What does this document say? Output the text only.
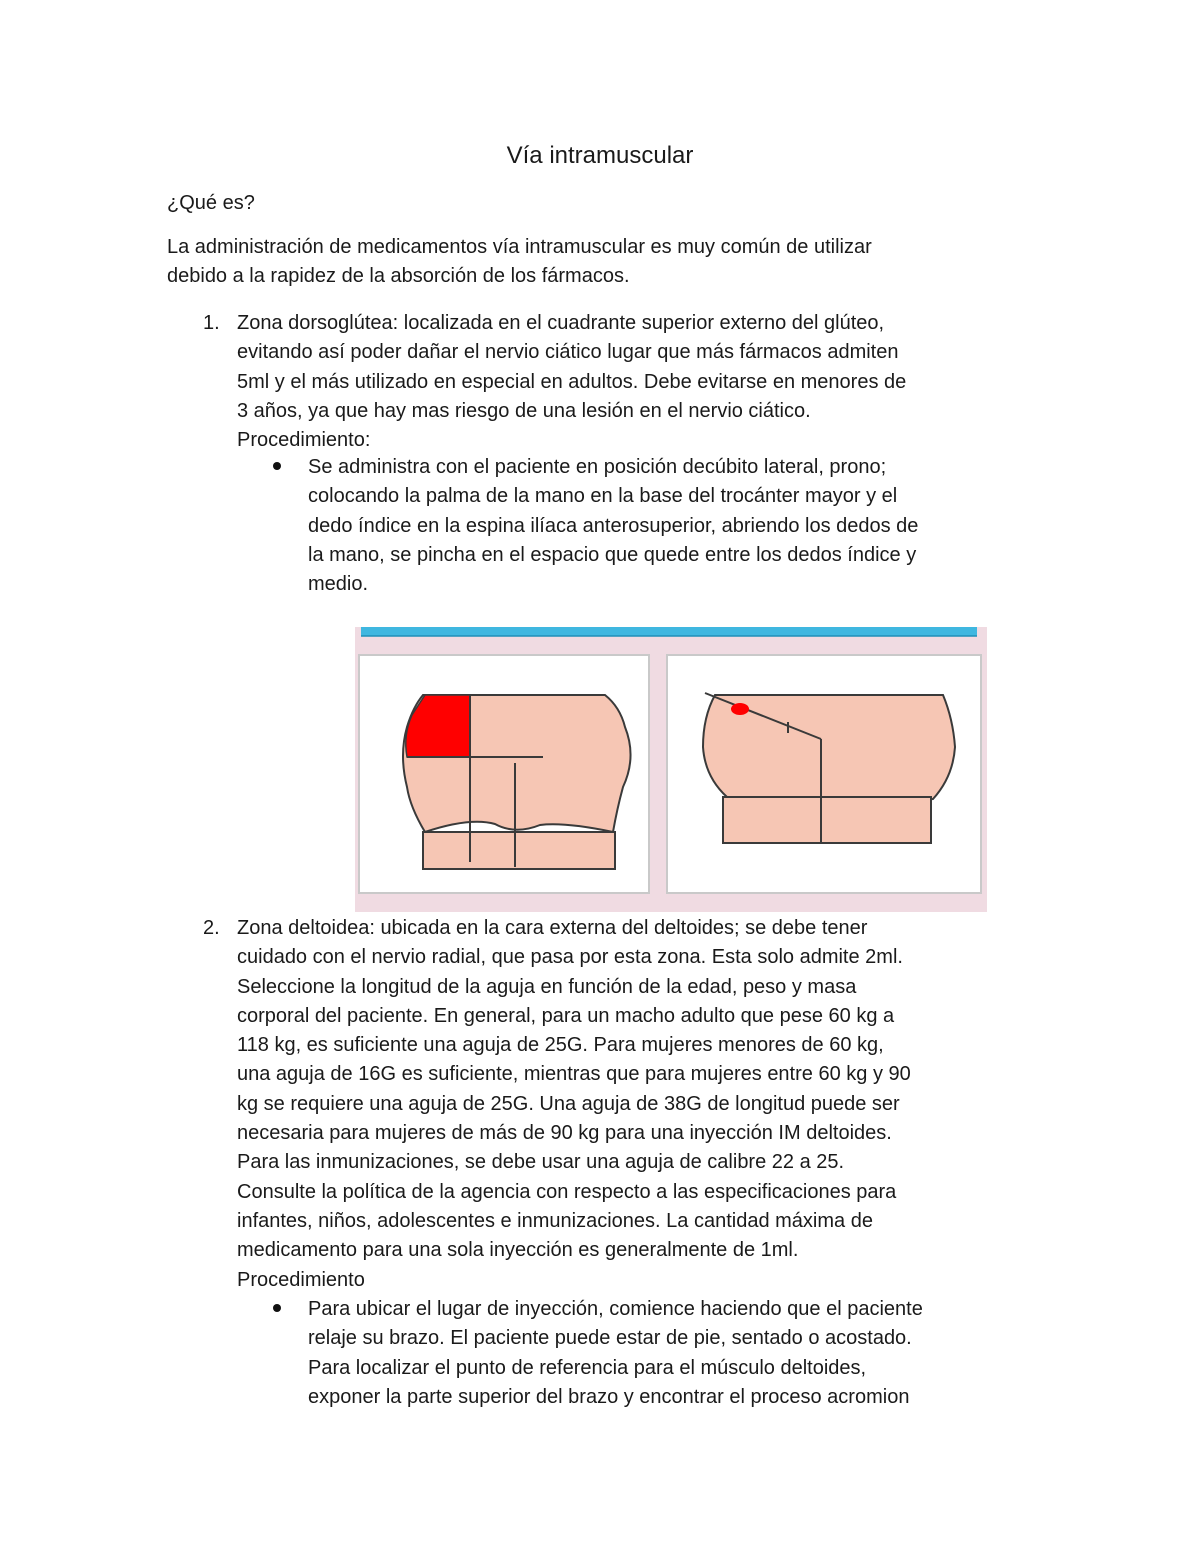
Vía intramuscular
¿Qué es?
La administración de medicamentos vía intramuscular es muy común de utilizar
debido a la rapidez de la absorción de los fármacos.
1. Zona dorsoglútea: localizada en el cuadrante superior externo del glúteo,
evitando así poder dañar el nervio ciático lugar que más fármacos admiten
5ml y el más utilizado en especial en adultos. Debe evitarse en menores de
3 años, ya que hay mas riesgo de una lesión en el nervio ciático.
Procedimiento:
Se administra con el paciente en posición decúbito lateral, prono;
colocando la palma de la mano en la base del trocánter mayor y el
dedo índice en la espina ilíaca anterosuperior, abriendo los dedos de
la mano, se pincha en el espacio que quede entre los dedos índice y
medio.
2. Zona deltoidea: ubicada en la cara externa del deltoides; se debe tener
cuidado con el nervio radial, que pasa por esta zona. Esta solo admite 2ml.
Seleccione la longitud de la aguja en función de la edad, peso y masa
corporal del paciente. En general, para un macho adulto que pese 60 kg a
118 kg, es suficiente una aguja de 25G. Para mujeres menores de 60 kg,
una aguja de 16G es suficiente, mientras que para mujeres entre 60 kg y 90
kg se requiere una aguja de 25G. Una aguja de 38G de longitud puede ser
necesaria para mujeres de más de 90 kg para una inyección IM deltoides.
Para las inmunizaciones, se debe usar una aguja de calibre 22 a 25.
Consulte la política de la agencia con respecto a las especificaciones para
infantes, niños, adolescentes e inmunizaciones. La cantidad máxima de
medicamento para una sola inyección es generalmente de 1ml.
Procedimiento
Para ubicar el lugar de inyección, comience haciendo que el paciente
relaje su brazo. El paciente puede estar de pie, sentado o acostado.
Para localizar el punto de referencia para el músculo deltoides,
exponer la parte superior del brazo y encontrar el proceso acromion
